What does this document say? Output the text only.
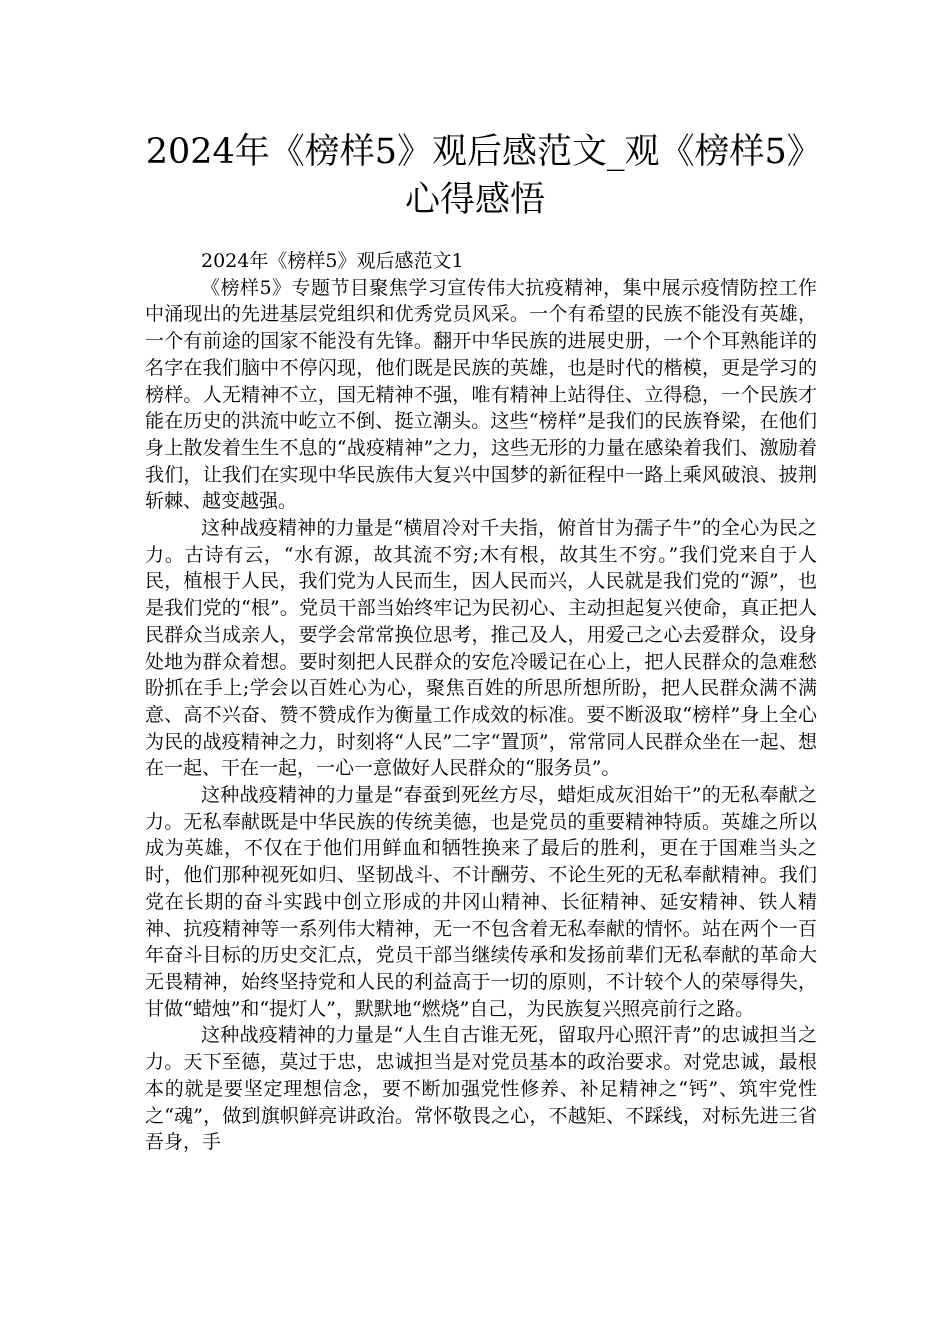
2024年《榜样5》观后感范文_观《榜样5》心得感悟

2024年《榜样5》观后感范文1

《榜样5》专题节目聚焦学习宣传伟大抗疫精神，集中展示疫情防控工作中涌现出的先进基层党组织和优秀党员风采。一个有希望的民族不能没有英雄，一个有前途的国家不能没有先锋。翻开中华民族的进展史册，一个个耳熟能详的名字在我们脑中不停闪现，他们既是民族的英雄，也是时代的楷模，更是学习的榜样。人无精神不立，国无精神不强，唯有精神上站得住、立得稳，一个民族才能在历史的洪流中屹立不倒、挺立潮头。这些“榜样”是我们的民族脊梁，在他们身上散发着生生不息的“战疫精神”之力，这些无形的力量在感染着我们、激励着我们，让我们在实现中华民族伟大复兴中国梦的新征程中一路上乘风破浪、披荆斩棘、越变越强。

这种战疫精神的力量是“横眉冷对千夫指，俯首甘为孺子牛”的全心为民之力。古诗有云，“水有源，故其流不穷;木有根，故其生不穷。”我们党来自于人民，植根于人民，我们党为人民而生，因人民而兴，人民就是我们党的“源”，也是我们党的“根”。党员干部当始终牢记为民初心、主动担起复兴使命，真正把人民群众当成亲人，要学会常常换位思考，推己及人，用爱己之心去爱群众，设身处地为群众着想。要时刻把人民群众的安危冷暖记在心上，把人民群众的急难愁盼抓在手上;学会以百姓心为心，聚焦百姓的所思所想所盼，把人民群众满不满意、高不兴奋、赞不赞成作为衡量工作成效的标准。要不断汲取“榜样”身上全心为民的战疫精神之力，时刻将“人民”二字“置顶”，常常同人民群众坐在一起、想在一起、干在一起，一心一意做好人民群众的“服务员”。

这种战疫精神的力量是“春蚕到死丝方尽，蜡炬成灰泪始干”的无私奉献之力。无私奉献既是中华民族的传统美德，也是党员的重要精神特质。英雄之所以成为英雄，不仅在于他们用鲜血和牺牲换来了最后的胜利，更在于国难当头之时，他们那种视死如归、坚韧战斗、不计酬劳、不论生死的无私奉献精神。我们党在长期的奋斗实践中创立形成的井冈山精神、长征精神、延安精神、铁人精神、抗疫精神等一系列伟大精神，无一不包含着无私奉献的情怀。站在两个一百年奋斗目标的历史交汇点，党员干部当继续传承和发扬前辈们无私奉献的革命大无畏精神，始终坚持党和人民的利益高于一切的原则，不计较个人的荣辱得失，甘做“蜡烛”和“提灯人”，默默地“燃烧”自己，为民族复兴照亮前行之路。

这种战疫精神的力量是“人生自古谁无死，留取丹心照汗青”的忠诚担当之力。天下至德，莫过于忠，忠诚担当是对党员基本的政治要求。对党忠诚，最根本的就是要坚定理想信念，要不断加强党性修养、补足精神之“钙”、筑牢党性之“魂”，做到旗帜鲜亮讲政治。常怀敬畏之心，不越矩、不踩线，对标先进三省吾身，手
